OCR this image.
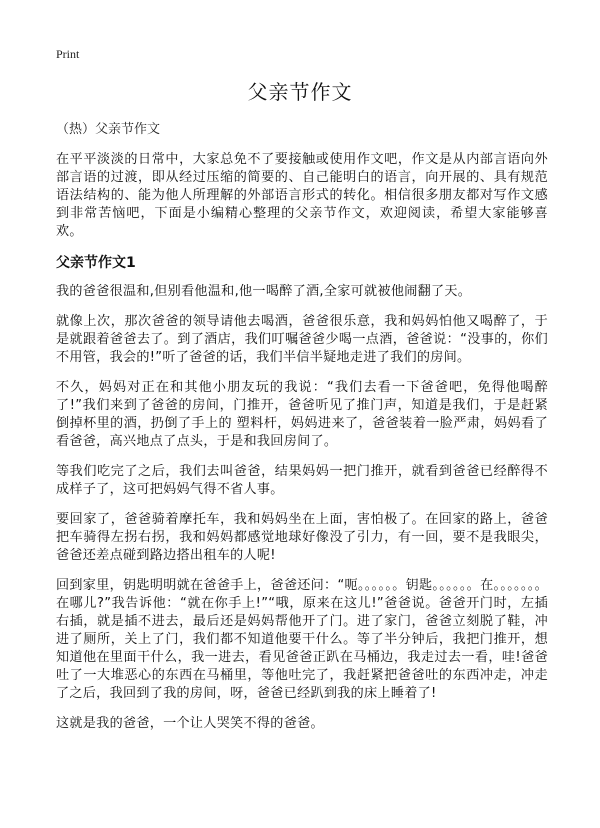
Print
父亲节作文

（热）父亲节作文

在平平淡淡的日常中，大家总免不了要接触或使用作文吧，作文是从内部言语向外部言语的过渡，即从经过压缩的简要的、自己能明白的语言，向开展的、具有规范语法结构的、能为他人所理解的外部语言形式的转化。相信很多朋友都对写作文感到非常苦恼吧，下面是小编精心整理的父亲节作文，欢迎阅读，希望大家能够喜欢。

父亲节作文1

我的爸爸很温和,但别看他温和,他一喝醉了酒,全家可就被他闹翻了天。

就像上次，那次爸爸的领导请他去喝酒，爸爸很乐意，我和妈妈怕他又喝醉了，于是就跟着爸爸去了。到了酒店，我们叮嘱爸爸少喝一点酒，爸爸说：“没事的，你们不用管，我会的!”听了爸爸的话，我们半信半疑地走进了我们的房间。

不久，妈妈对正在和其他小朋友玩的我说：“我们去看一下爸爸吧，免得他喝醉了!”我们来到了爸爸的房间，门推开，爸爸听见了推门声，知道是我们，于是赶紧倒掉杯里的酒，扔倒了手上的 塑料杆，妈妈进来了，爸爸装着一脸严肃，妈妈看了看爸爸，高兴地点了点头，于是和我回房间了。

等我们吃完了之后，我们去叫爸爸，结果妈妈一把门推开，就看到爸爸已经醉得不成样子了，这可把妈妈气得不省人事。

要回家了，爸爸骑着摩托车，我和妈妈坐在上面，害怕极了。在回家的路上，爸爸把车骑得左拐右拐，我和妈妈都感觉地球好像没了引力，有一回，要不是我眼尖，爸爸还差点碰到路边搭出租车的人呢!

回到家里，钥匙明明就在爸爸手上，爸爸还问：“呃。。。。。。钥匙。。。。。。在。。。。。。。在哪儿?”我告诉他：“就在你手上!”“哦，原来在这儿!”爸爸说。爸爸开门时，左插右插，就是插不进去，最后还是妈妈帮他开了门。进了家门，爸爸立刻脱了鞋，冲进了厕所，关上了门，我们都不知道他要干什么。等了半分钟后，我把门推开，想知道他在里面干什么，我一进去，看见爸爸正趴在马桶边，我走过去一看，哇!爸爸吐了一大堆恶心的东西在马桶里，等他吐完了，我赶紧把爸爸吐的东西冲走，冲走了之后，我回到了我的房间，呀，爸爸已经趴到我的床上睡着了!

这就是我的爸爸，一个让人哭笑不得的爸爸。
